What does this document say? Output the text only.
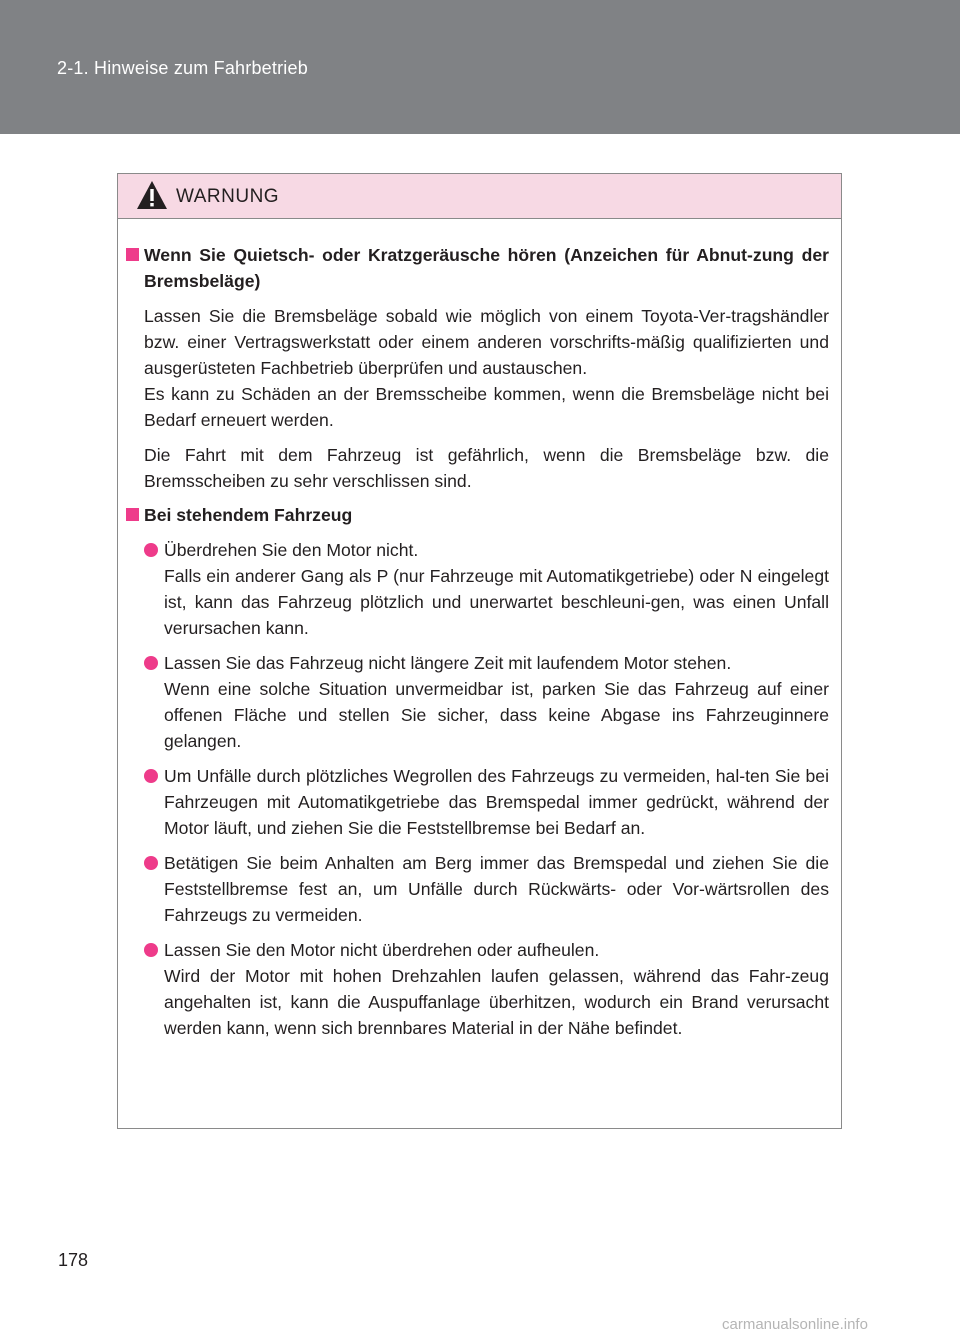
2-1. Hinweise zum Fahrbetrieb
WARNUNG
Wenn Sie Quietsch- oder Kratzgeräusche hören (Anzeichen für Abnut-zung der Bremsbeläge)
Lassen Sie die Bremsbeläge sobald wie möglich von einem Toyota-Ver-tragshändler bzw. einer Vertragswerkstatt oder einem anderen vorschrifts-mäßig qualifizierten und ausgerüsteten Fachbetrieb überprüfen und austauschen.
Es kann zu Schäden an der Bremsscheibe kommen, wenn die Bremsbeläge nicht bei Bedarf erneuert werden.
Die Fahrt mit dem Fahrzeug ist gefährlich, wenn die Bremsbeläge bzw. die Bremsscheiben zu sehr verschlissen sind.
Bei stehendem Fahrzeug
Überdrehen Sie den Motor nicht.
Falls ein anderer Gang als P (nur Fahrzeuge mit Automatikgetriebe) oder N eingelegt ist, kann das Fahrzeug plötzlich und unerwartet beschleuni-gen, was einen Unfall verursachen kann.
Lassen Sie das Fahrzeug nicht längere Zeit mit laufendem Motor stehen.
Wenn eine solche Situation unvermeidbar ist, parken Sie das Fahrzeug auf einer offenen Fläche und stellen Sie sicher, dass keine Abgase ins Fahrzeuginnere gelangen.
Um Unfälle durch plötzliches Wegrollen des Fahrzeugs zu vermeiden, hal-ten Sie bei Fahrzeugen mit Automatikgetriebe das Bremspedal immer gedrückt, während der Motor läuft, und ziehen Sie die Feststellbremse bei Bedarf an.
Betätigen Sie beim Anhalten am Berg immer das Bremspedal und ziehen Sie die Feststellbremse fest an, um Unfälle durch Rückwärts- oder Vor-wärtsrollen des Fahrzeugs zu vermeiden.
Lassen Sie den Motor nicht überdrehen oder aufheulen.
Wird der Motor mit hohen Drehzahlen laufen gelassen, während das Fahr-zeug angehalten ist, kann die Auspuffanlage überhitzen, wodurch ein Brand verursacht werden kann, wenn sich brennbares Material in der Nähe befindet.
178
carmanualsonline.info
